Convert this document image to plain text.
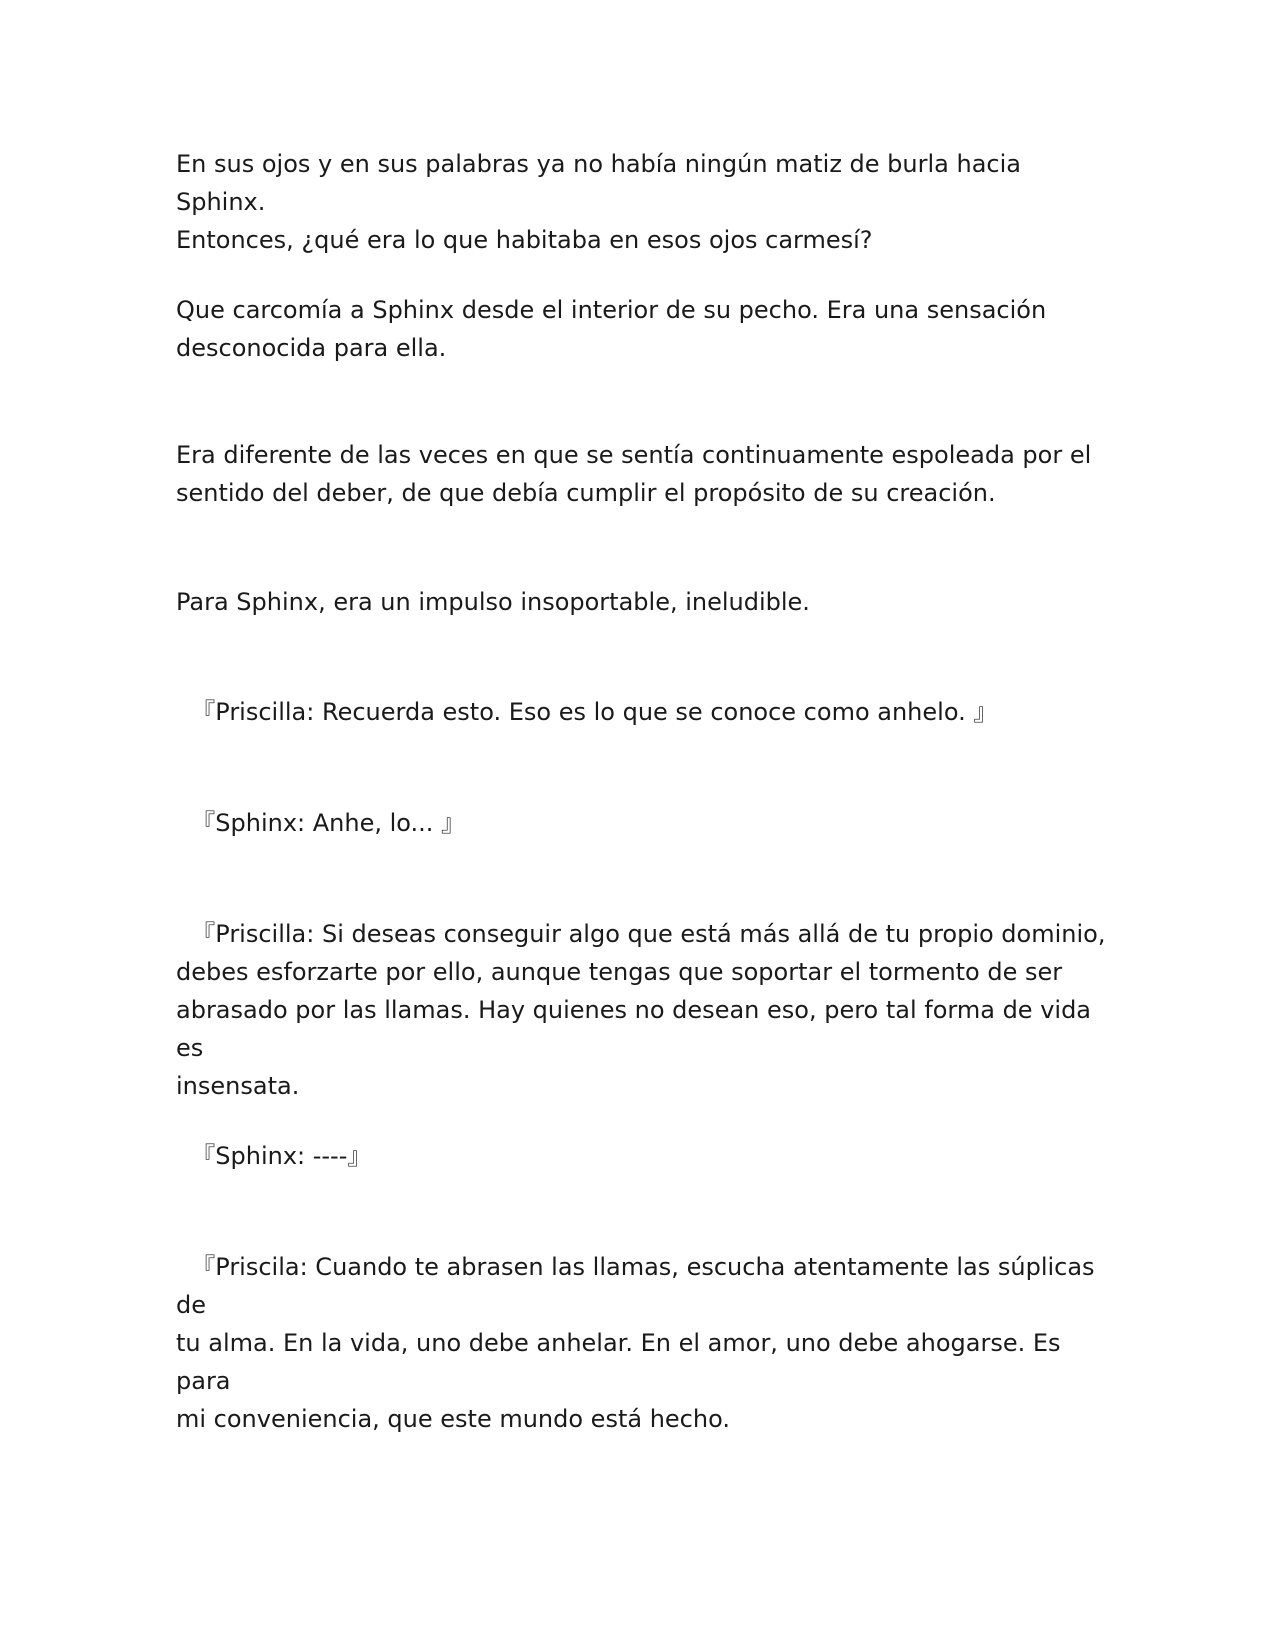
En sus ojos y en sus palabras ya no había ningún matiz de burla hacia Sphinx.
Entonces, ¿qué era lo que habitaba en esos ojos carmesí?

Que carcomía a Sphinx desde el interior de su pecho. Era una sensación
desconocida para ella.

Era diferente de las veces en que se sentía continuamente espoleada por el
sentido del deber, de que debía cumplir el propósito de su creación.

Para Sphinx, era un impulso insoportable, ineludible.

『Priscilla: Recuerda esto. Eso es lo que se conoce como anhelo. 』

『Sphinx: Anhe, lo... 』

『Priscilla: Si deseas conseguir algo que está más allá de tu propio dominio,
debes esforzarte por ello, aunque tengas que soportar el tormento de ser
abrasado por las llamas. Hay quienes no desean eso, pero tal forma de vida es
insensata.

『Sphinx: ----』

『Priscila: Cuando te abrasen las llamas, escucha atentamente las súplicas de
tu alma. En la vida, uno debe anhelar. En el amor, uno debe ahogarse. Es para
mi conveniencia, que este mundo está hecho.
